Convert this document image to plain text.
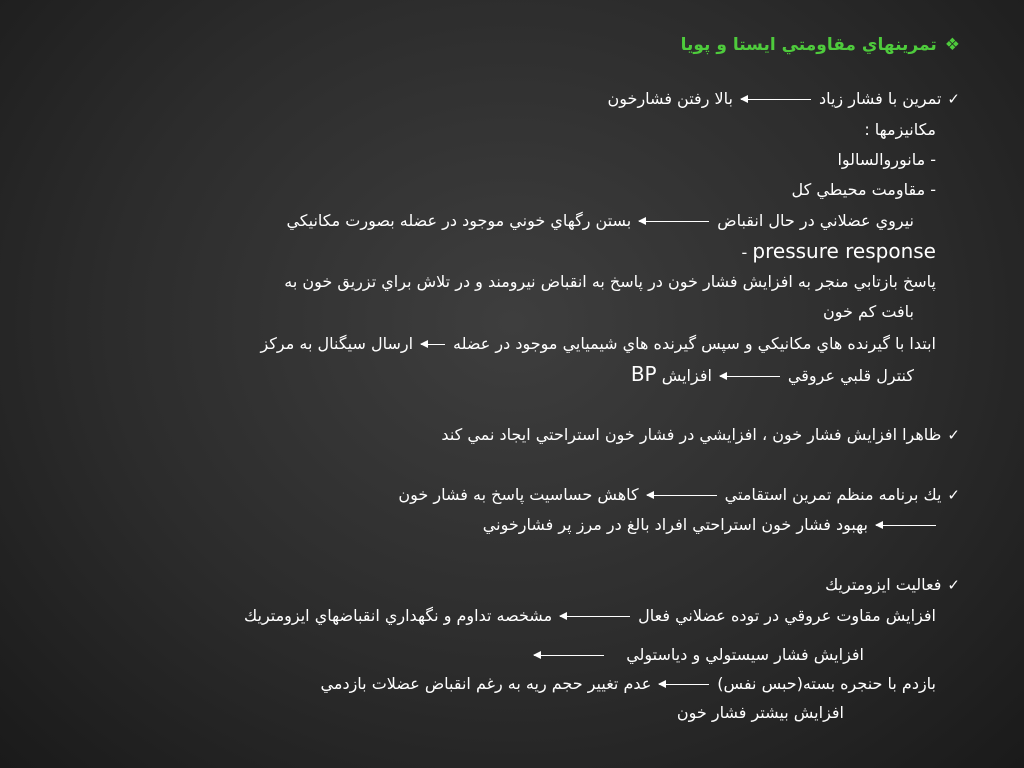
❖تمرينهاي مقاومتي ايستا و پويا
✓تمرين با فشار زيادبالا رفتن فشارخون
مكانيزمها :
- مانوروالسالوا
- مقاومت محيطي كل
نيروي عضلاني در حال انقباضبستن رگهاي خوني موجود در عضله بصورت مكانيكي
- pressure response
پاسخ بازتابي منجر به افزايش فشار خون در پاسخ به انقباض نيرومند و در تلاش براي تزريق خون به
بافت كم خون
ابتدا با گيرنده هاي مكانيكي و سپس گيرنده هاي شيميايي موجود در عضلهارسال سيگنال به مركز
كنترل قلبي عروقيافزايش BP
✓ظاهرا افزايش فشار خون ، افزايشي در فشار خون استراحتي ايجاد نمي كند
✓يك برنامه منظم تمرين استقامتيكاهش حساسيت پاسخ به فشار خون
بهبود فشار خون استراحتي افراد بالغ در مرز پر فشارخوني
✓فعاليت ايزومتريك
افزايش مقاوت عروقي در توده عضلاني فعالمشخصه تداوم و نگهداري انقباضهاي ايزومتريك
افزايش فشار سيستولي و دياستولي
بازدم با حنجره بسته(حبس نفس)عدم تغيير حجم ريه به رغم انقباض عضلات بازدمي
افزايش بيشتر فشار خون
